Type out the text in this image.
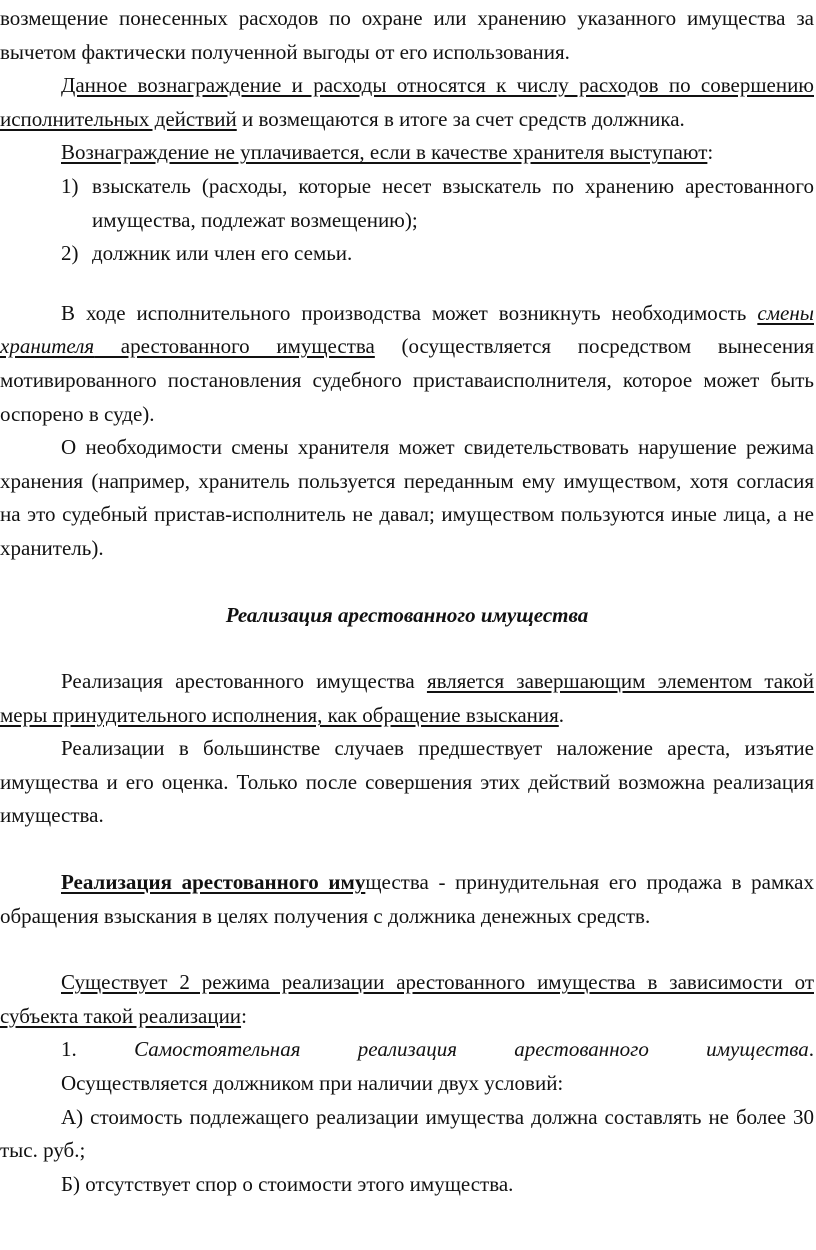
возмещение понесенных расходов по охране или хранению указанного имущества за вычетом фактически полученной выгоды от его использования.

Данное вознаграждение и расходы относятся к числу расходов по совершению исполнительных действий и возмещаются в итоге за счет средств должника.

Вознаграждение не уплачивается, если в качестве хранителя выступают:

1) взыскатель (расходы, которые несет взыскатель по хранению арестованного имущества, подлежат возмещению);
2) должник или член его семьи.

В ходе исполнительного производства может возникнуть необходимость смены хранителя арестованного имущества (осуществляется посредством вынесения мотивированного постановления судебного приставаисполнителя, которое может быть оспорено в суде).

О необходимости смены хранителя может свидетельствовать нарушение режима хранения (например, хранитель пользуется переданным ему имуществом, хотя согласия на это судебный пристав-исполнитель не давал; имуществом пользуются иные лица, а не хранитель).

Реализация арестованного имущества

Реализация арестованного имущества является завершающим элементом такой меры принудительного исполнения, как обращение взыскания.

Реализации в большинстве случаев предшествует наложение ареста, изъятие имущества и его оценка. Только после совершения этих действий возможна реализация имущества.

Реализация арестованного имущества - принудительная его продажа в рамках обращения взыскания в целях получения с должника денежных средств.

Существует 2 режима реализации арестованного имущества в зависимости от субъекта такой реализации:

1.	Самостоятельная реализация арестованного имущества.

Осуществляется должником при наличии двух условий:

А) стоимость подлежащего реализации имущества должна составлять не более 30 тыс. руб.;

Б) отсутствует спор о стоимости этого имущества.
